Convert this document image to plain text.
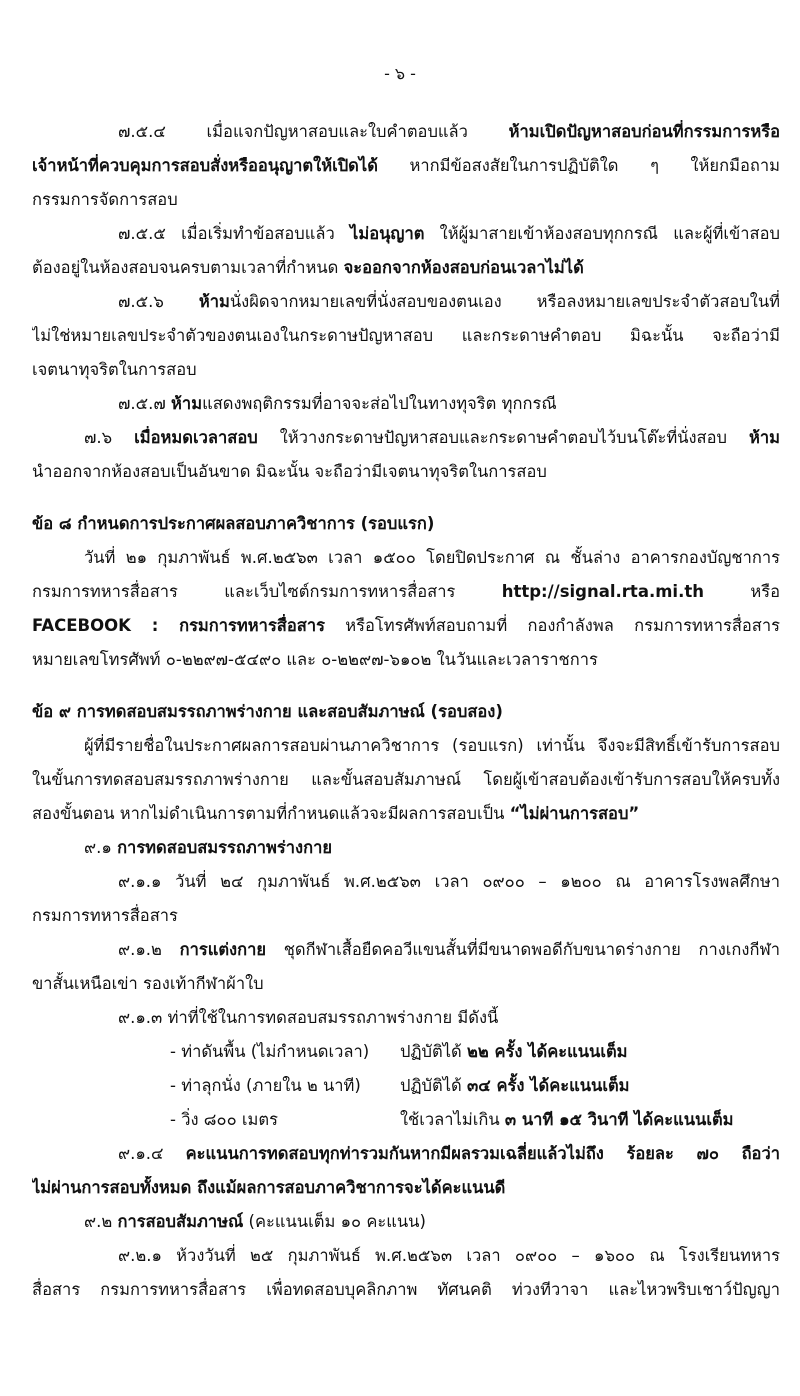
- ๖ -
๗.๕.๔ เมื่อแจกปัญหาสอบและใบคำตอบแล้ว ห้ามเปิดปัญหาสอบก่อนที่กรรมการหรือ
เจ้าหน้าที่ควบคุมการสอบสั่งหรืออนุญาตให้เปิดได้ หากมีข้อสงสัยในการปฏิบัติใด ๆ ให้ยกมือถาม
กรรมการจัดการสอบ
๗.๕.๕ เมื่อเริ่มทำข้อสอบแล้ว ไม่อนุญาต ให้ผู้มาสายเข้าห้องสอบทุกกรณี และผู้ที่เข้าสอบ
ต้องอยู่ในห้องสอบจนครบตามเวลาที่กำหนด จะออกจากห้องสอบก่อนเวลาไม่ได้
๗.๕.๖ ห้ามนั่งผิดจากหมายเลขที่นั่งสอบของตนเอง หรือลงหมายเลขประจำตัวสอบในที่
ไม่ใช่หมายเลขประจำตัวของตนเองในกระดาษปัญหาสอบ และกระดาษคำตอบ มิฉะนั้น จะถือว่ามี
เจตนาทุจริตในการสอบ
๗.๕.๗ ห้ามแสดงพฤติกรรมที่อาจจะส่อไปในทางทุจริต ทุกกรณี
๗.๖ เมื่อหมดเวลาสอบ ให้วางกระดาษปัญหาสอบและกระดาษคำตอบไว้บนโต๊ะที่นั่งสอบ ห้าม
นำออกจากห้องสอบเป็นอันขาด มิฉะนั้น จะถือว่ามีเจตนาทุจริตในการสอบ
ข้อ ๘ กำหนดการประกาศผลสอบภาควิชาการ (รอบแรก)
วันที่ ๒๑ กุมภาพันธ์ พ.ศ.๒๕๖๓ เวลา ๑๕๐๐ โดยปิดประกาศ ณ ชั้นล่าง อาคารกองบัญชาการ
กรมการทหารสื่อสาร และเว็บไซต์กรมการทหารสื่อสาร http://signal.rta.mi.th หรือ
FACEBOOK : กรมการทหารสื่อสาร หรือโทรศัพท์สอบถามที่ กองกำลังพล กรมการทหารสื่อสาร
หมายเลขโทรศัพท์ ๐-๒๒๙๗-๕๔๙๐ และ ๐-๒๒๙๗-๖๑๐๒ ในวันและเวลาราชการ
ข้อ ๙ การทดสอบสมรรถภาพร่างกาย และสอบสัมภาษณ์ (รอบสอง)
ผู้ที่มีรายชื่อในประกาศผลการสอบผ่านภาควิชาการ (รอบแรก) เท่านั้น จึงจะมีสิทธิ์เข้ารับการสอบ
ในขั้นการทดสอบสมรรถภาพร่างกาย และขั้นสอบสัมภาษณ์ โดยผู้เข้าสอบต้องเข้ารับการสอบให้ครบทั้ง
สองขั้นตอน หากไม่ดำเนินการตามที่กำหนดแล้วจะมีผลการสอบเป็น “ไม่ผ่านการสอบ”
๙.๑ การทดสอบสมรรถภาพร่างกาย
๙.๑.๑ วันที่ ๒๔ กุมภาพันธ์ พ.ศ.๒๕๖๓ เวลา ๐๙๐๐ – ๑๒๐๐ ณ อาคารโรงพลศึกษา
กรมการทหารสื่อสาร
๙.๑.๒ การแต่งกาย ชุดกีฬาเสื้อยืดคอวีแขนสั้นที่มีขนาดพอดีกับขนาดร่างกาย กางเกงกีฬา
ขาสั้นเหนือเข่า รองเท้ากีฬาผ้าใบ
๙.๑.๓ ท่าที่ใช้ในการทดสอบสมรรถภาพร่างกาย มีดังนี้
- ท่าดันพื้น (ไม่กำหนดเวลา) ปฏิบัติได้ ๒๒ ครั้ง ได้คะแนนเต็ม
- ท่าลุกนั่ง (ภายใน ๒ นาที) ปฏิบัติได้ ๓๔ ครั้ง ได้คะแนนเต็ม
- วิ่ง ๘๐๐ เมตร	ใช้เวลาไม่เกิน ๓ นาที ๑๕ วินาที ได้คะแนนเต็ม
๙.๑.๔ คะแนนการทดสอบทุกท่ารวมกันหากมีผลรวมเฉลี่ยแล้วไม่ถึง ร้อยละ ๗๐ ถือว่า
ไม่ผ่านการสอบทั้งหมด ถึงแม้ผลการสอบภาควิชาการจะได้คะแนนดี
๙.๒ การสอบสัมภาษณ์ (คะแนนเต็ม ๑๐ คะแนน)
๙.๒.๑ ห้วงวันที่ ๒๕ กุมภาพันธ์ พ.ศ.๒๕๖๓ เวลา ๐๙๐๐ – ๑๖๐๐ ณ โรงเรียนทหาร
สื่อสาร กรมการทหารสื่อสาร เพื่อทดสอบบุคลิกภาพ ทัศนคติ ท่วงทีวาจา และไหวพริบเชาว์ปัญญา
